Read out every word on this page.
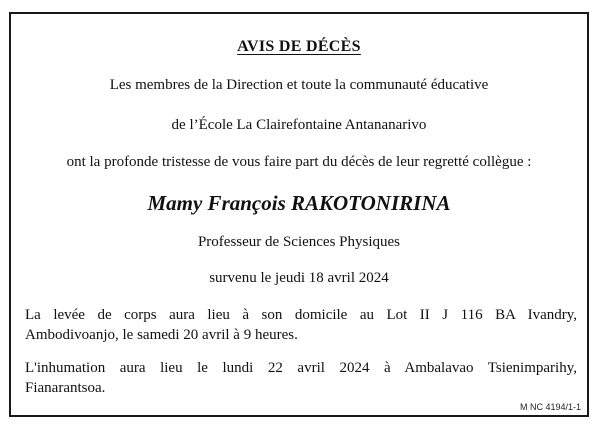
AVIS DE DÉCÈS
Les membres de la Direction et toute la communauté éducative
de l’École La Clairefontaine Antananarivo
ont la profonde tristesse de vous faire part du décès de leur regretté collègue :
Mamy François RAKOTONIRINA
Professeur de Sciences Physiques
survenu le jeudi 18 avril 2024
La levée de corps aura lieu à son domicile au Lot II J 116 BA Ivandry,
Ambodivoanjo, le samedi 20 avril à 9 heures.
L'inhumation aura lieu le lundi 22 avril 2024 à Ambalavao Tsienimparihy,
Fianarantsoa.
M NC 4194/1-1
